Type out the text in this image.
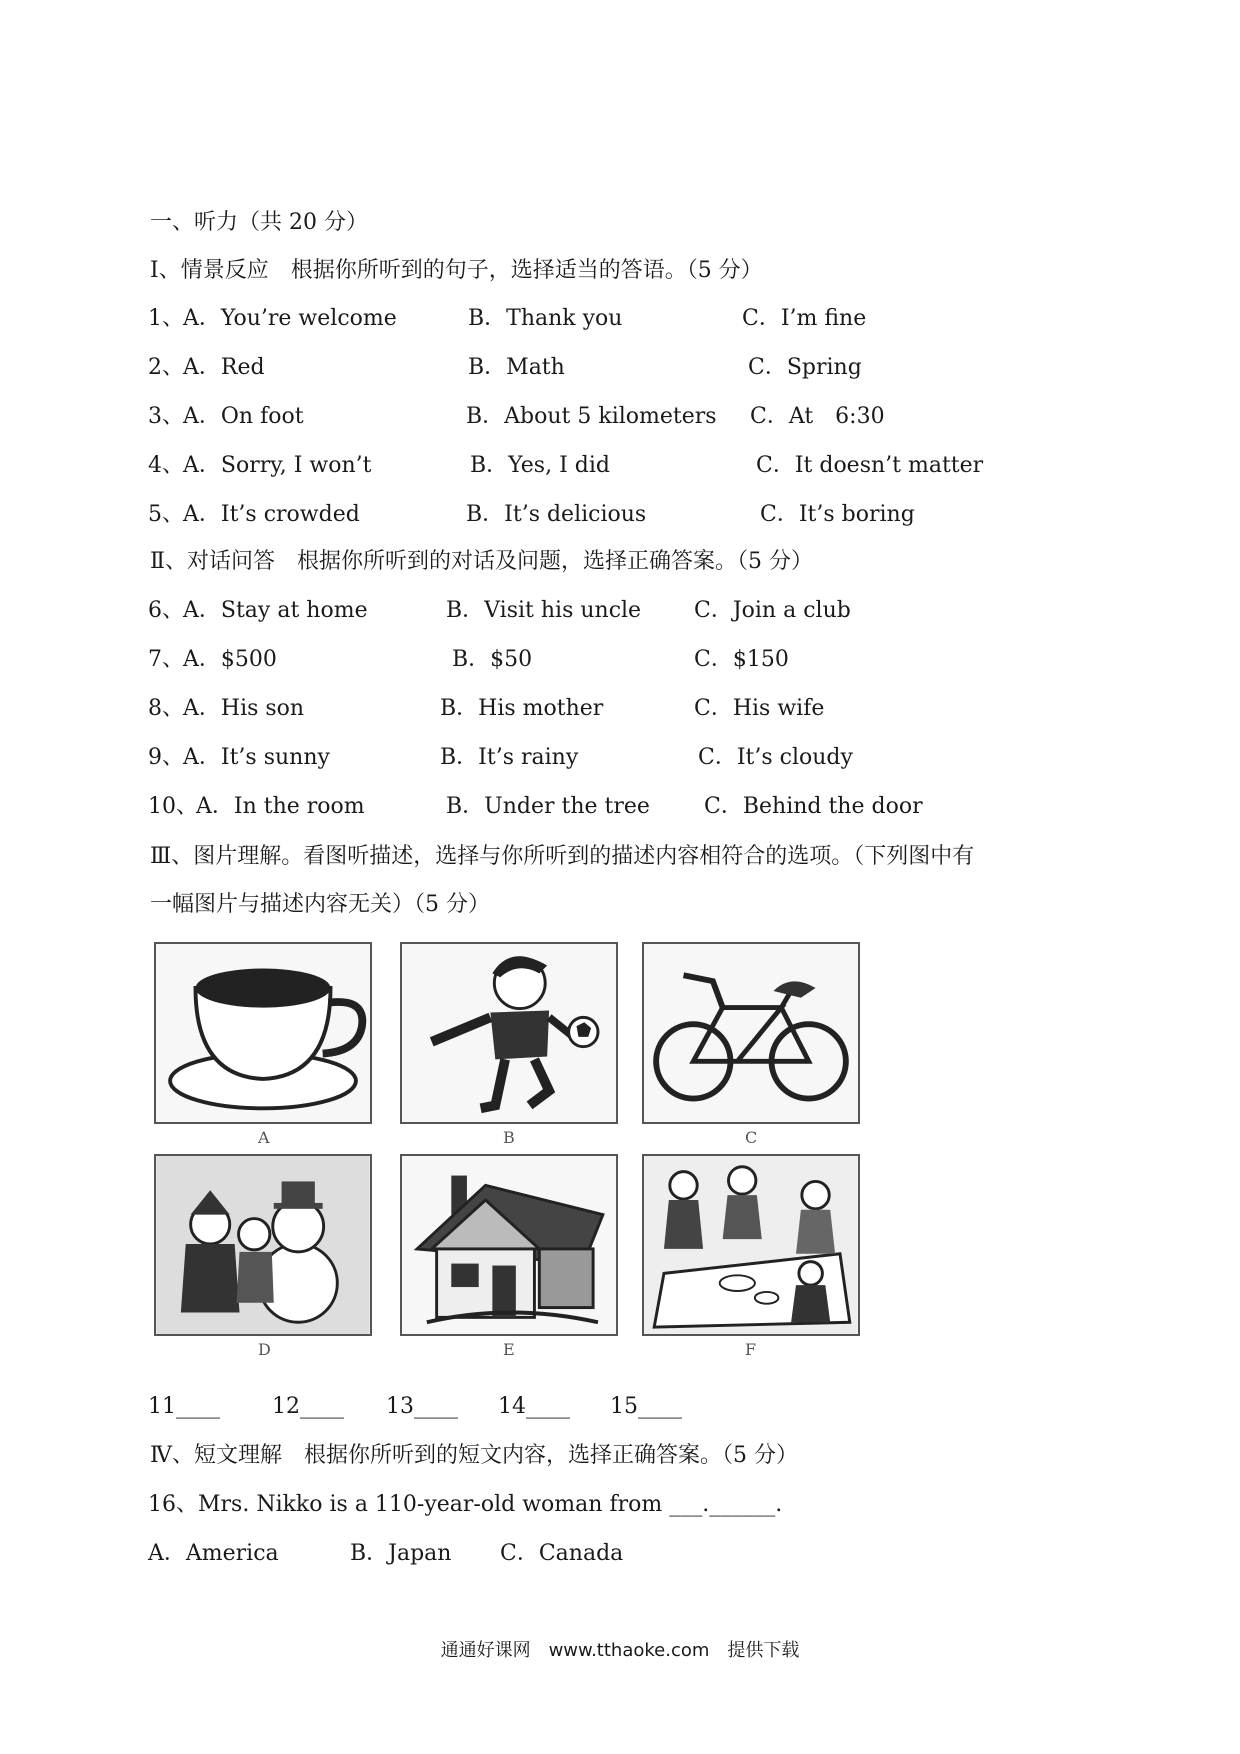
一、听力（共 20 分）
Ⅰ、情景反应　根据你所听到的句子，选择适当的答语。（5 分）
1、 A．You’re welcome	B．Thank you	C．I’m fine
2、 A．Red	B．Math	C．Spring
3、 A．On foot	B．About 5 kilometers C．At　6:30
4、 A．Sorry, I won’t	B．Yes, I did	C．It doesn’t matter
5、 A．It’s crowded	B．It’s delicious	C．It’s boring
Ⅱ、对话问答　根据你所听到的对话及问题，选择正确答案。（5 分）
6、 A．Stay at home	B．Visit his uncle C．Join a club
7、 A．$500	B．$50	C．$150
8、 A．His son	B．His mother	C．His wife
9、 A．It’s sunny	B．It’s rainy	C．It’s cloudy
10、
A．In the room	B．Under the tree C．Behind the door
Ⅲ、图片理解。看图听描述，选择与你所听到的描述内容相符合的选项。（下列图中有
一幅图片与描述内容无关）（5 分）
A	B	C
D	E	F
11____ 12____ 13____ 14____ 15____
Ⅳ、短文理解　根据你所听到的短文内容，选择正确答案。（5 分）
16、Mrs. Nikko is a 110-year-old woman from ___.______.
A．America	B．Japan C．Canada
通通好课网　www.tthaoke.com　提供下载
